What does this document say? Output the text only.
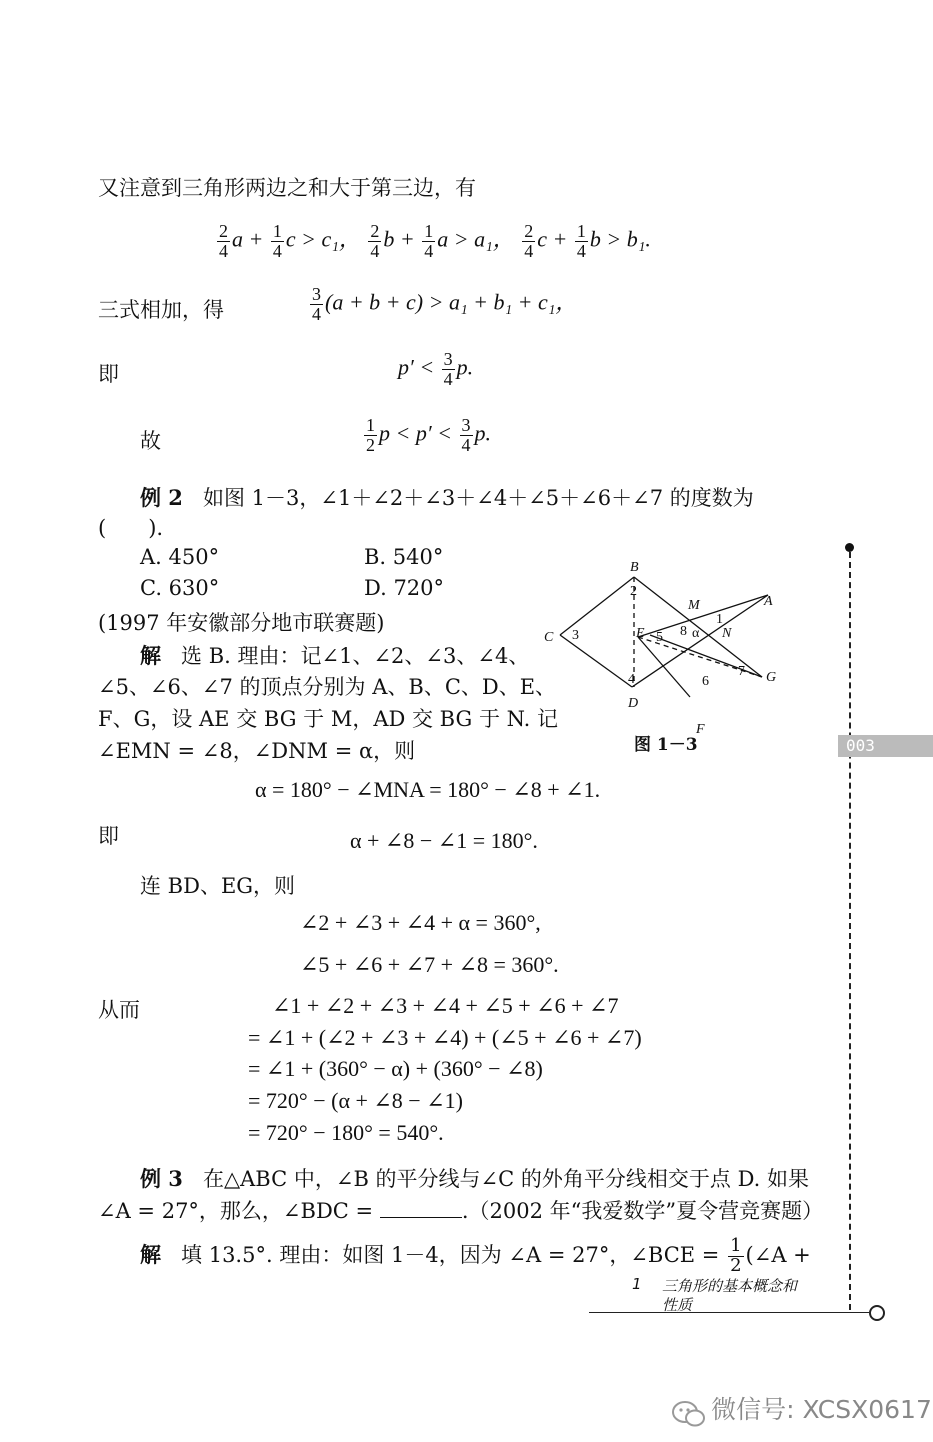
又注意到三角形两边之和大于第三边，有
$\frac{2}{4}$ $a + \frac{1}{4}$ c > c₁， $\frac{2}{4}$ $b + \frac{1}{4}$ a > a₁， $\frac{2}{4}$ $c + \frac{1}{4}$ b > b₁.
三式相加，得	$\frac{3}{4} (a + b + c) > a_1 + b_1 + c_1$，
即	$p' < \frac{3}{4} p$.
故	$\frac{1}{2}$ $p < p' < \frac{3}{4} p$.
例 2 如图 1－3，∠1＋∠2＋∠3＋∠4＋∠5＋∠6＋∠7 的度数为
(　　).
A. 450°	B. 540°
C. 630°	D. 720°
(1997 年安徽部分地市联赛题)
解 选 B. 理由：记∠1、∠2、∠3、∠4、
∠5、∠6、∠7 的顶点分别为 A、B、C、D、E、
F、G，设 AE 交 BG 于 M，AD 交 BG 于 N. 记
∠EMN = ∠8，∠DNM = α，则
B
M	A
C	E	N
D
F
G
2
3	5 8 α
1
4	6
7
图 1－3
α = 180° − ∠MNA = 180° − ∠8 + ∠1.
即	α + ∠8 − ∠1 = 180°.
连 BD、EG，则
∠2 + ∠3 + ∠4 + α = 360°,
∠5 + ∠6 + ∠7 + ∠8 = 360°.
从而	∠1 + ∠2 + ∠3 + ∠4 + ∠5 + ∠6 + ∠7
= ∠1 + (∠2 + ∠3 + ∠4) + (∠5 + ∠6 + ∠7)
= ∠1 + (360° − α) + (360° − ∠8)
= 720° − (α + ∠8 − ∠1)
= 720° − 180° = 540°.
例 3 在△ABC 中，∠B 的平分线与∠C 的外角平分线相交于点 D. 如果
∠A = 27°，那么，∠BDC =	.（2002 年“我爱数学”夏令营竞赛题）
解 填 13.5°. 理由：如图 1－4，因为 ∠A = 27°，∠BCE = $\frac{1}{2}$ (∠A +
003
1 三角形的基本概念和
性质
微信号: XCSX0617
